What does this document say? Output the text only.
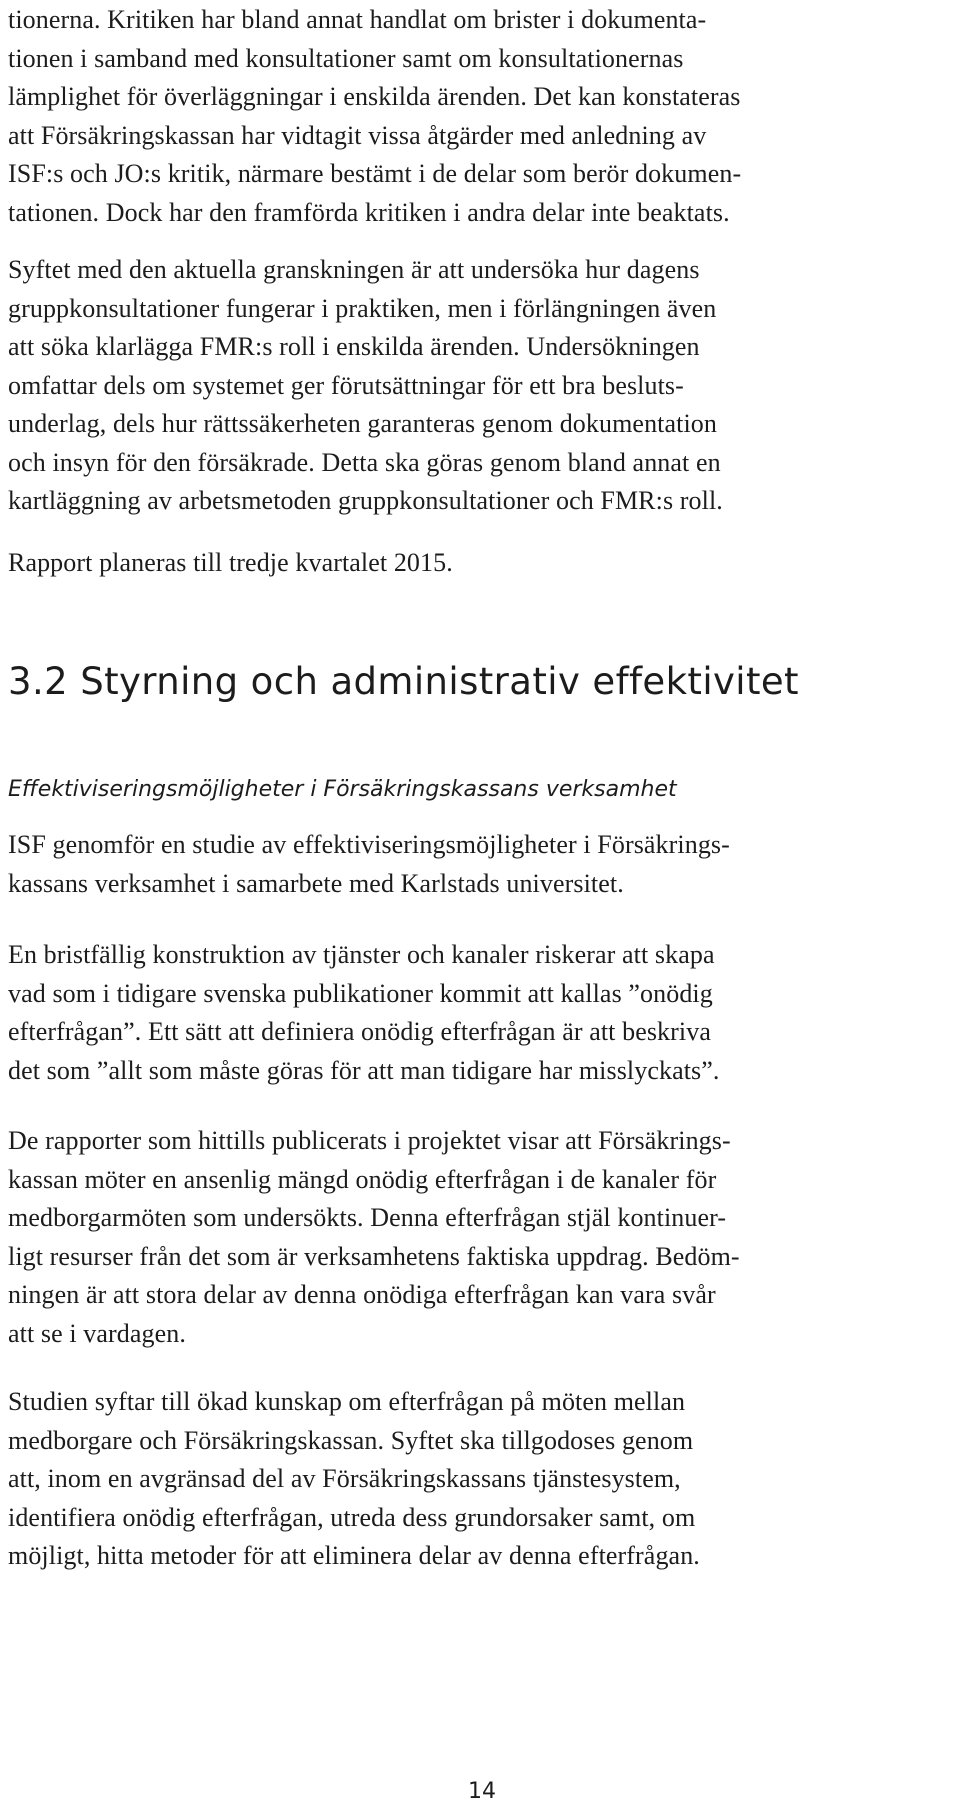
tionerna. Kritiken har bland annat handlat om brister i dokumenta-
tionen i samband med konsultationer samt om konsultationernas
lämplighet för överläggningar i enskilda ärenden. Det kan konstateras
att Försäkringskassan har vidtagit vissa åtgärder med anledning av
ISF:s och JO:s kritik, närmare bestämt i de delar som berör dokumen-
tationen. Dock har den framförda kritiken i andra delar inte beaktats.

Syftet med den aktuella granskningen är att undersöka hur dagens
gruppkonsultationer fungerar i praktiken, men i förlängningen även
att söka klarlägga FMR:s roll i enskilda ärenden. Undersökningen
omfattar dels om systemet ger förutsättningar för ett bra besluts-
underlag, dels hur rättssäkerheten garanteras genom dokumentation
och insyn för den försäkrade. Detta ska göras genom bland annat en
kartläggning av arbetsmetoden gruppkonsultationer och FMR:s roll.

Rapport planeras till tredje kvartalet 2015.

3.2 Styrning och administrativ effektivitet
Effektiviseringsmöjligheter i Försäkringskassans verksamhet

ISF genomför en studie av effektiviseringsmöjligheter i Försäkrings-
kassans verksamhet i samarbete med Karlstads universitet.

En bristfällig konstruktion av tjänster och kanaler riskerar att skapa
vad som i tidigare svenska publikationer kommit att kallas ”onödig
efterfrågan”. Ett sätt att definiera onödig efterfrågan är att beskriva
det som ”allt som måste göras för att man tidigare har misslyckats”.

De rapporter som hittills publicerats i projektet visar att Försäkrings-
kassan möter en ansenlig mängd onödig efterfrågan i de kanaler för
medborgarmöten som undersökts. Denna efterfrågan stjäl kontinuer-
ligt resurser från det som är verksamhetens faktiska uppdrag. Bedöm-
ningen är att stora delar av denna onödiga efterfrågan kan vara svår
att se i vardagen.

Studien syftar till ökad kunskap om efterfrågan på möten mellan
medborgare och Försäkringskassan. Syftet ska tillgodoses genom
att, inom en avgränsad del av Försäkringskassans tjänstesystem,
identifiera onödig efterfrågan, utreda dess grundorsaker samt, om
möjligt, hitta metoder för att eliminera delar av denna efterfrågan.

14
